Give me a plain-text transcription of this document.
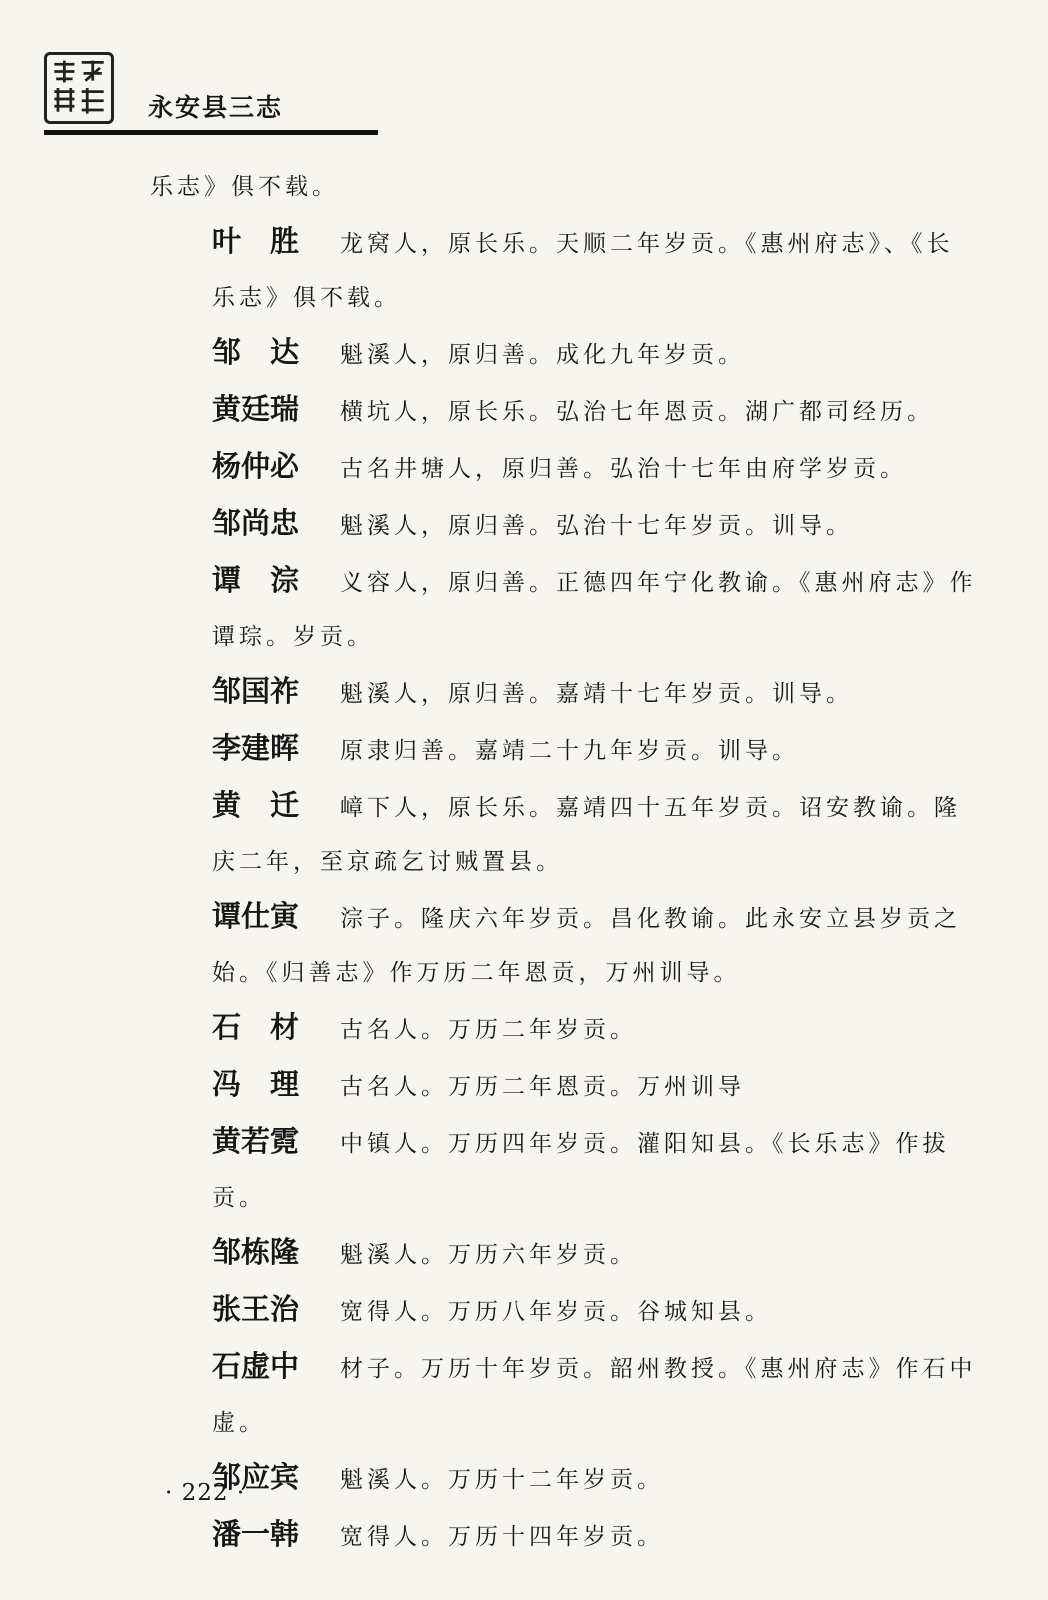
永安县三志
乐志》俱不载。
叶　胜 龙窝人，原长乐。天顺二年岁贡。《惠州府志》、《长乐志》俱不载。
邹　达 魁溪人，原归善。成化九年岁贡。
黄廷瑞 横坑人，原长乐。弘治七年恩贡。湖广都司经历。
杨仲必 古名井塘人，原归善。弘治十七年由府学岁贡。
邹尚忠 魁溪人，原归善。弘治十七年岁贡。训导。
谭　淙 义容人，原归善。正德四年宁化教谕。《惠州府志》作谭琮。岁贡。
邹国祚 魁溪人，原归善。嘉靖十七年岁贡。训导。
李建晖 原隶归善。嘉靖二十九年岁贡。训导。
黄　迁 嶂下人，原长乐。嘉靖四十五年岁贡。诏安教谕。隆庆二年，至京疏乞讨贼置县。
谭仕寅 淙子。隆庆六年岁贡。昌化教谕。此永安立县岁贡之始。《归善志》作万历二年恩贡，万州训导。
石　材 古名人。万历二年岁贡。
冯　理 古名人。万历二年恩贡。万州训导
黄若霓 中镇人。万历四年岁贡。灌阳知县。《长乐志》作拔贡。
邹栋隆 魁溪人。万历六年岁贡。
张王治 宽得人。万历八年岁贡。谷城知县。
石虚中 材子。万历十年岁贡。韶州教授。《惠州府志》作石中虚。
邹应宾 魁溪人。万历十二年岁贡。
潘一韩 宽得人。万历十四年岁贡。
· 222 ·
